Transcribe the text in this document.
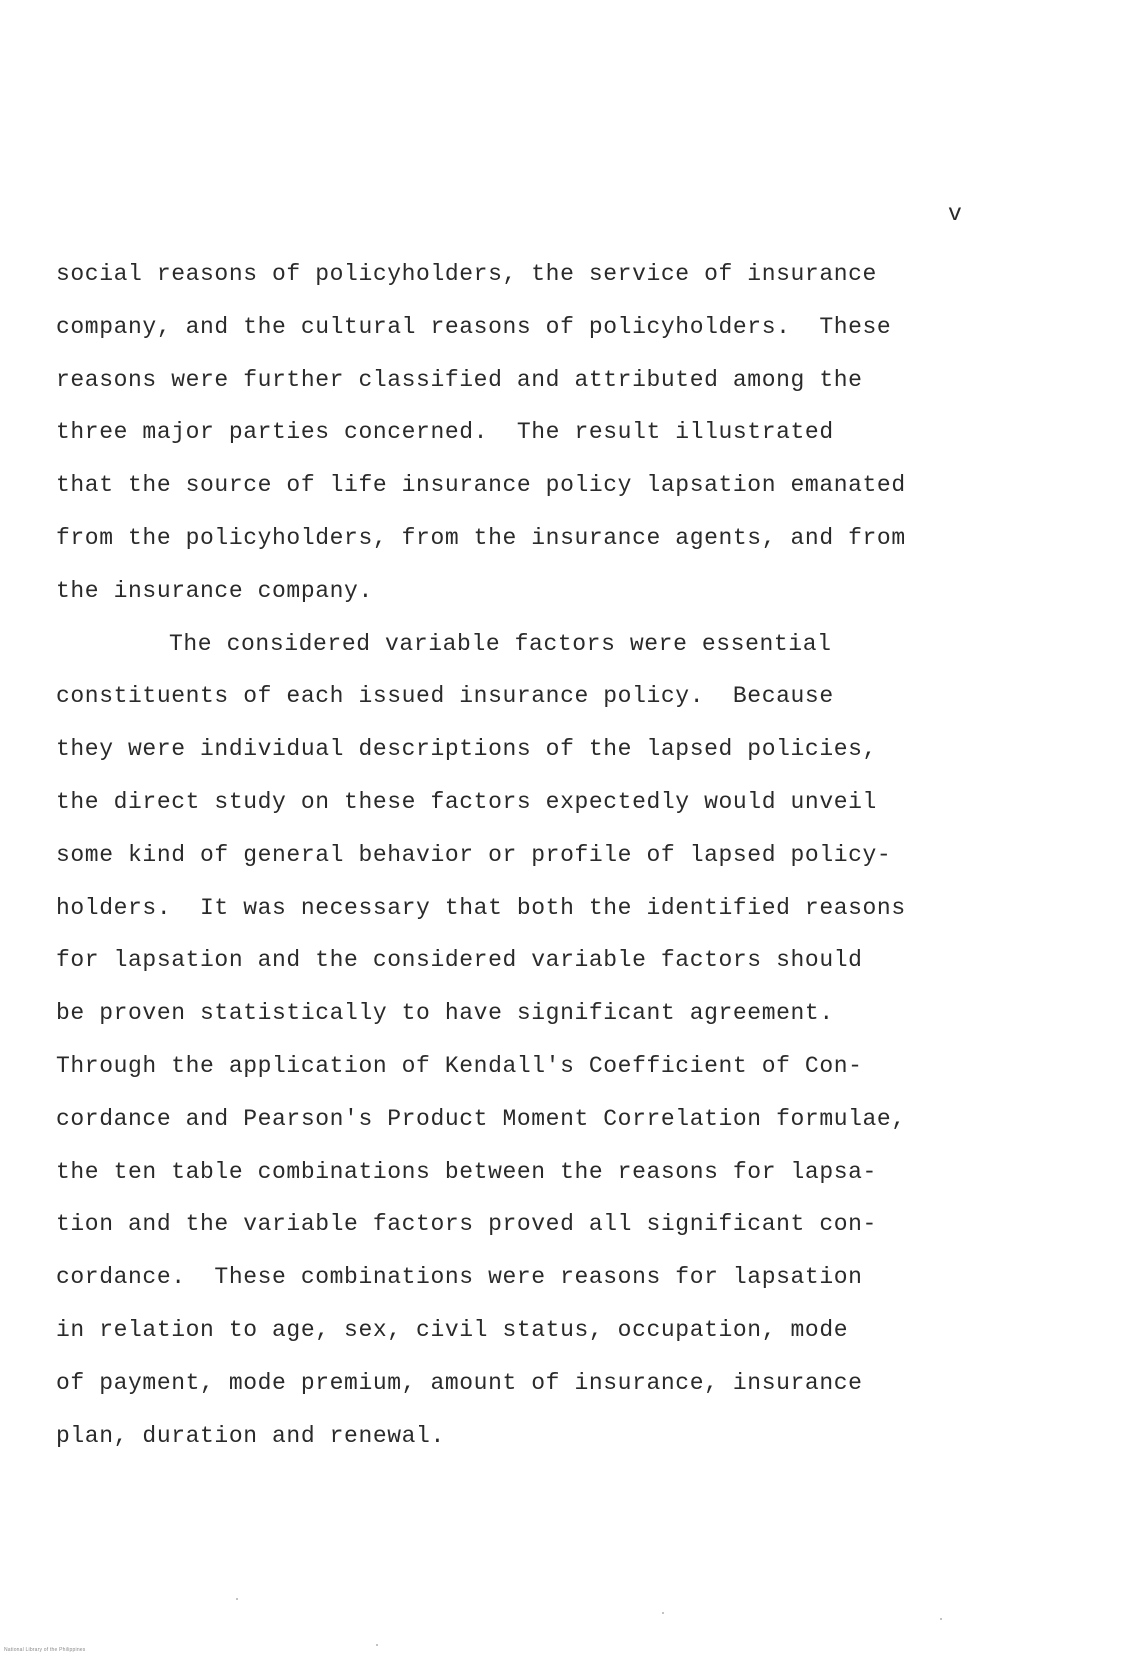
v
social reasons of policyholders, the service of insurance
company, and the cultural reasons of policyholders.  These
reasons were further classified and attributed among the
three major parties concerned.  The result illustrated
that the source of life insurance policy lapsation emanated
from the policyholders, from the insurance agents, and from
the insurance company.
The considered variable factors were essential
constituents of each issued insurance policy.  Because
they were individual descriptions of the lapsed policies,
the direct study on these factors expectedly would unveil
some kind of general behavior or profile of lapsed policy-
holders.  It was necessary that both the identified reasons
for lapsation and the considered variable factors should
be proven statistically to have significant agreement.
Through the application of Kendall's Coefficient of Con-
cordance and Pearson's Product Moment Correlation formulae,
the ten table combinations between the reasons for lapsa-
tion and the variable factors proved all significant con-
cordance.  These combinations were reasons for lapsation
in relation to age, sex, civil status, occupation, mode
of payment, mode premium, amount of insurance, insurance
plan, duration and renewal.
National Library of the Philippines
